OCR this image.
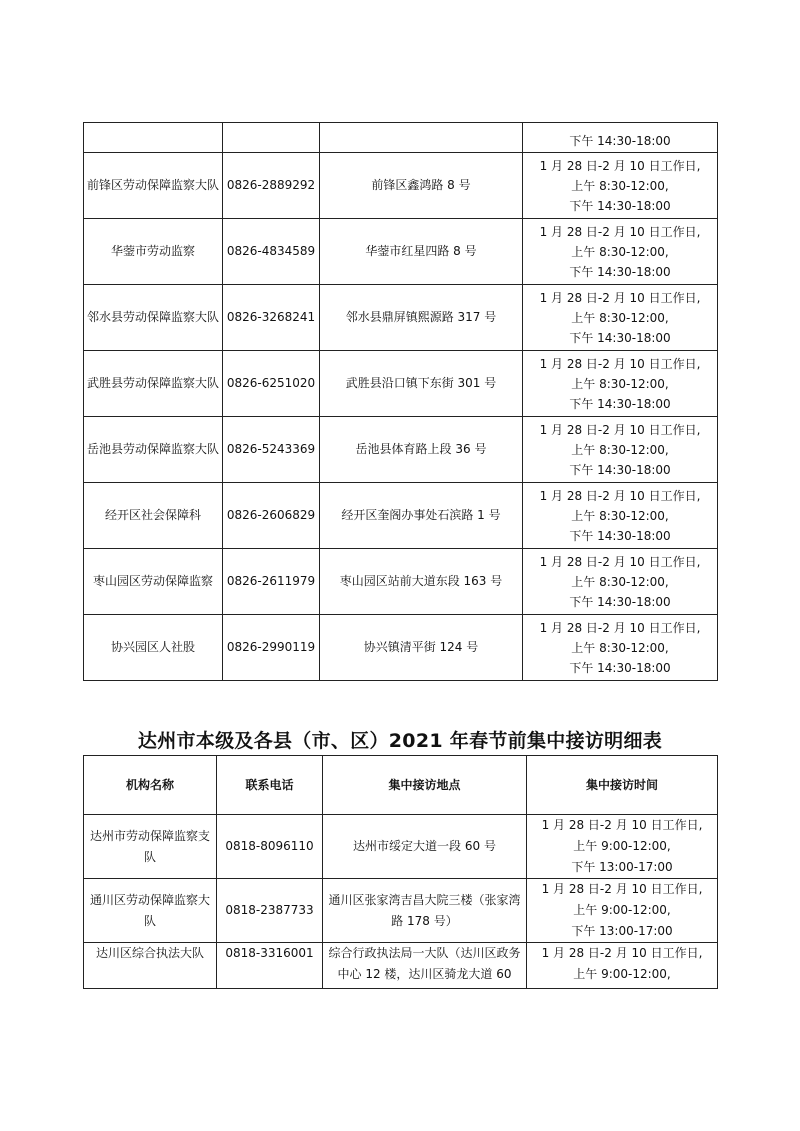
			下午 14:30-18:00
前锋区劳动保障监察大队	0826-2889292	前锋区鑫鸿路 8 号	1 月 28 日-2 月 10 日工作日,
上午 8:30-12:00,
下午 14:30-18:00

华蓥市劳动监察	0826-4834589	华蓥市红星四路 8 号	1 月 28 日-2 月 10 日工作日,
上午 8:30-12:00,
下午 14:30-18:00

邻水县劳动保障监察大队	0826-3268241	邻水县鼎屏镇熙源路 317 号	1 月 28 日-2 月 10 日工作日,
上午 8:30-12:00,
下午 14:30-18:00

武胜县劳动保障监察大队	0826-6251020	武胜县沿口镇下东街 301 号	1 月 28 日-2 月 10 日工作日,
上午 8:30-12:00,
下午 14:30-18:00

岳池县劳动保障监察大队	0826-5243369	岳池县体育路上段 36 号	1 月 28 日-2 月 10 日工作日,
上午 8:30-12:00,
下午 14:30-18:00

经开区社会保障科	0826-2606829	经开区奎阁办事处石滨路 1 号	1 月 28 日-2 月 10 日工作日,
上午 8:30-12:00,
下午 14:30-18:00

枣山园区劳动保障监察	0826-2611979	枣山园区站前大道东段 163 号	1 月 28 日-2 月 10 日工作日,
上午 8:30-12:00,
下午 14:30-18:00

协兴园区人社股	0826-2990119	协兴镇清平街 124 号	1 月 28 日-2 月 10 日工作日,
上午 8:30-12:00,
下午 14:30-18:00
达州市本级及各县（市、区）2021 年春节前集中接访明细表
机构名称	联系电话	集中接访地点	集中接访时间
达州市劳动保障监察支队	0818-8096110	达州市绥定大道一段 60 号	1 月 28 日-2 月 10 日工作日,
上午 9:00-12:00,
下午 13:00-17:00

通川区劳动保障监察大队	0818-2387733	通川区张家湾吉昌大院三楼（张家湾路 178 号）	1 月 28 日-2 月 10 日工作日,
上午 9:00-12:00,
下午 13:00-17:00

达川区综合执法大队	0818-3316001	综合行政执法局一大队（达川区政务中心 12 楼，达川区骑龙大道 60	1 月 28 日-2 月 10 日工作日,
上午 9:00-12:00,
